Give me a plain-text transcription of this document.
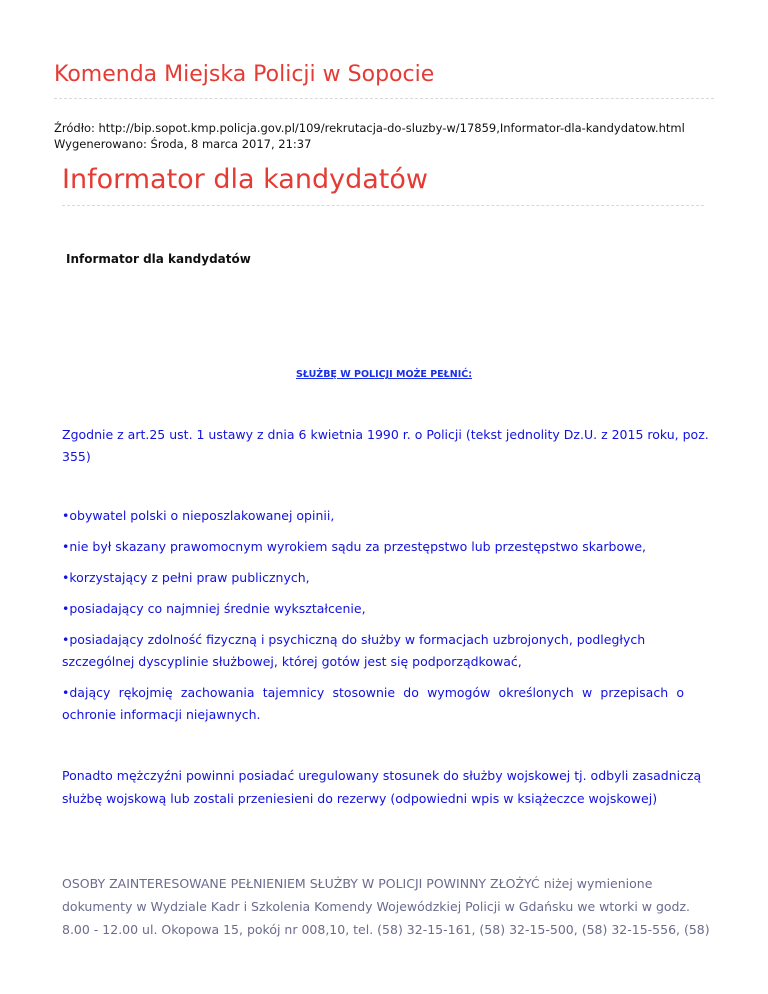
Komenda Miejska Policji w Sopocie
Źródło: http://bip.sopot.kmp.policja.gov.pl/109/rekrutacja-do-sluzby-w/17859,Informator-dla-kandydatow.html
Wygenerowano: Środa, 8 marca 2017, 21:37
Informator dla kandydatów
Informator dla kandydatów
SŁUŻBĘ W POLICJI MOŻE PEŁNIĆ:
Zgodnie z art.25 ust. 1 ustawy z dnia 6 kwietnia 1990 r. o Policji (tekst jednolity Dz.U. z 2015 roku, poz. 355)
•obywatel polski o nieposzlakowanej opinii,
•nie był skazany prawomocnym wyrokiem sądu za przestępstwo lub przestępstwo skarbowe,
•korzystający z pełni praw publicznych,
•posiadający co najmniej średnie wykształcenie,
•posiadający zdolność fizyczną i psychiczną do służby w formacjach uzbrojonych, podległych szczególnej dyscyplinie służbowej, której gotów jest się podporządkować,
•dający rękojmię zachowania tajemnicy stosownie do wymogów określonych w przepisach o ochronie informacji niejawnych.
Ponadto mężczyźni powinni posiadać uregulowany stosunek do służby wojskowej tj. odbyli zasadniczą służbę wojskową lub zostali przeniesieni do rezerwy (odpowiedni wpis w książeczce wojskowej)
OSOBY ZAINTERESOWANE PEŁNIENIEM SŁUŻBY W POLICJI POWINNY ZŁOŻYĆ niżej wymienione dokumenty w Wydziale Kadr i Szkolenia Komendy Wojewódzkiej Policji w Gdańsku we wtorki w godz. 8.00 - 12.00 ul. Okopowa 15, pokój nr 008,10, tel. (58) 32-15-161, (58) 32-15-500, (58) 32-15-556, (58)
